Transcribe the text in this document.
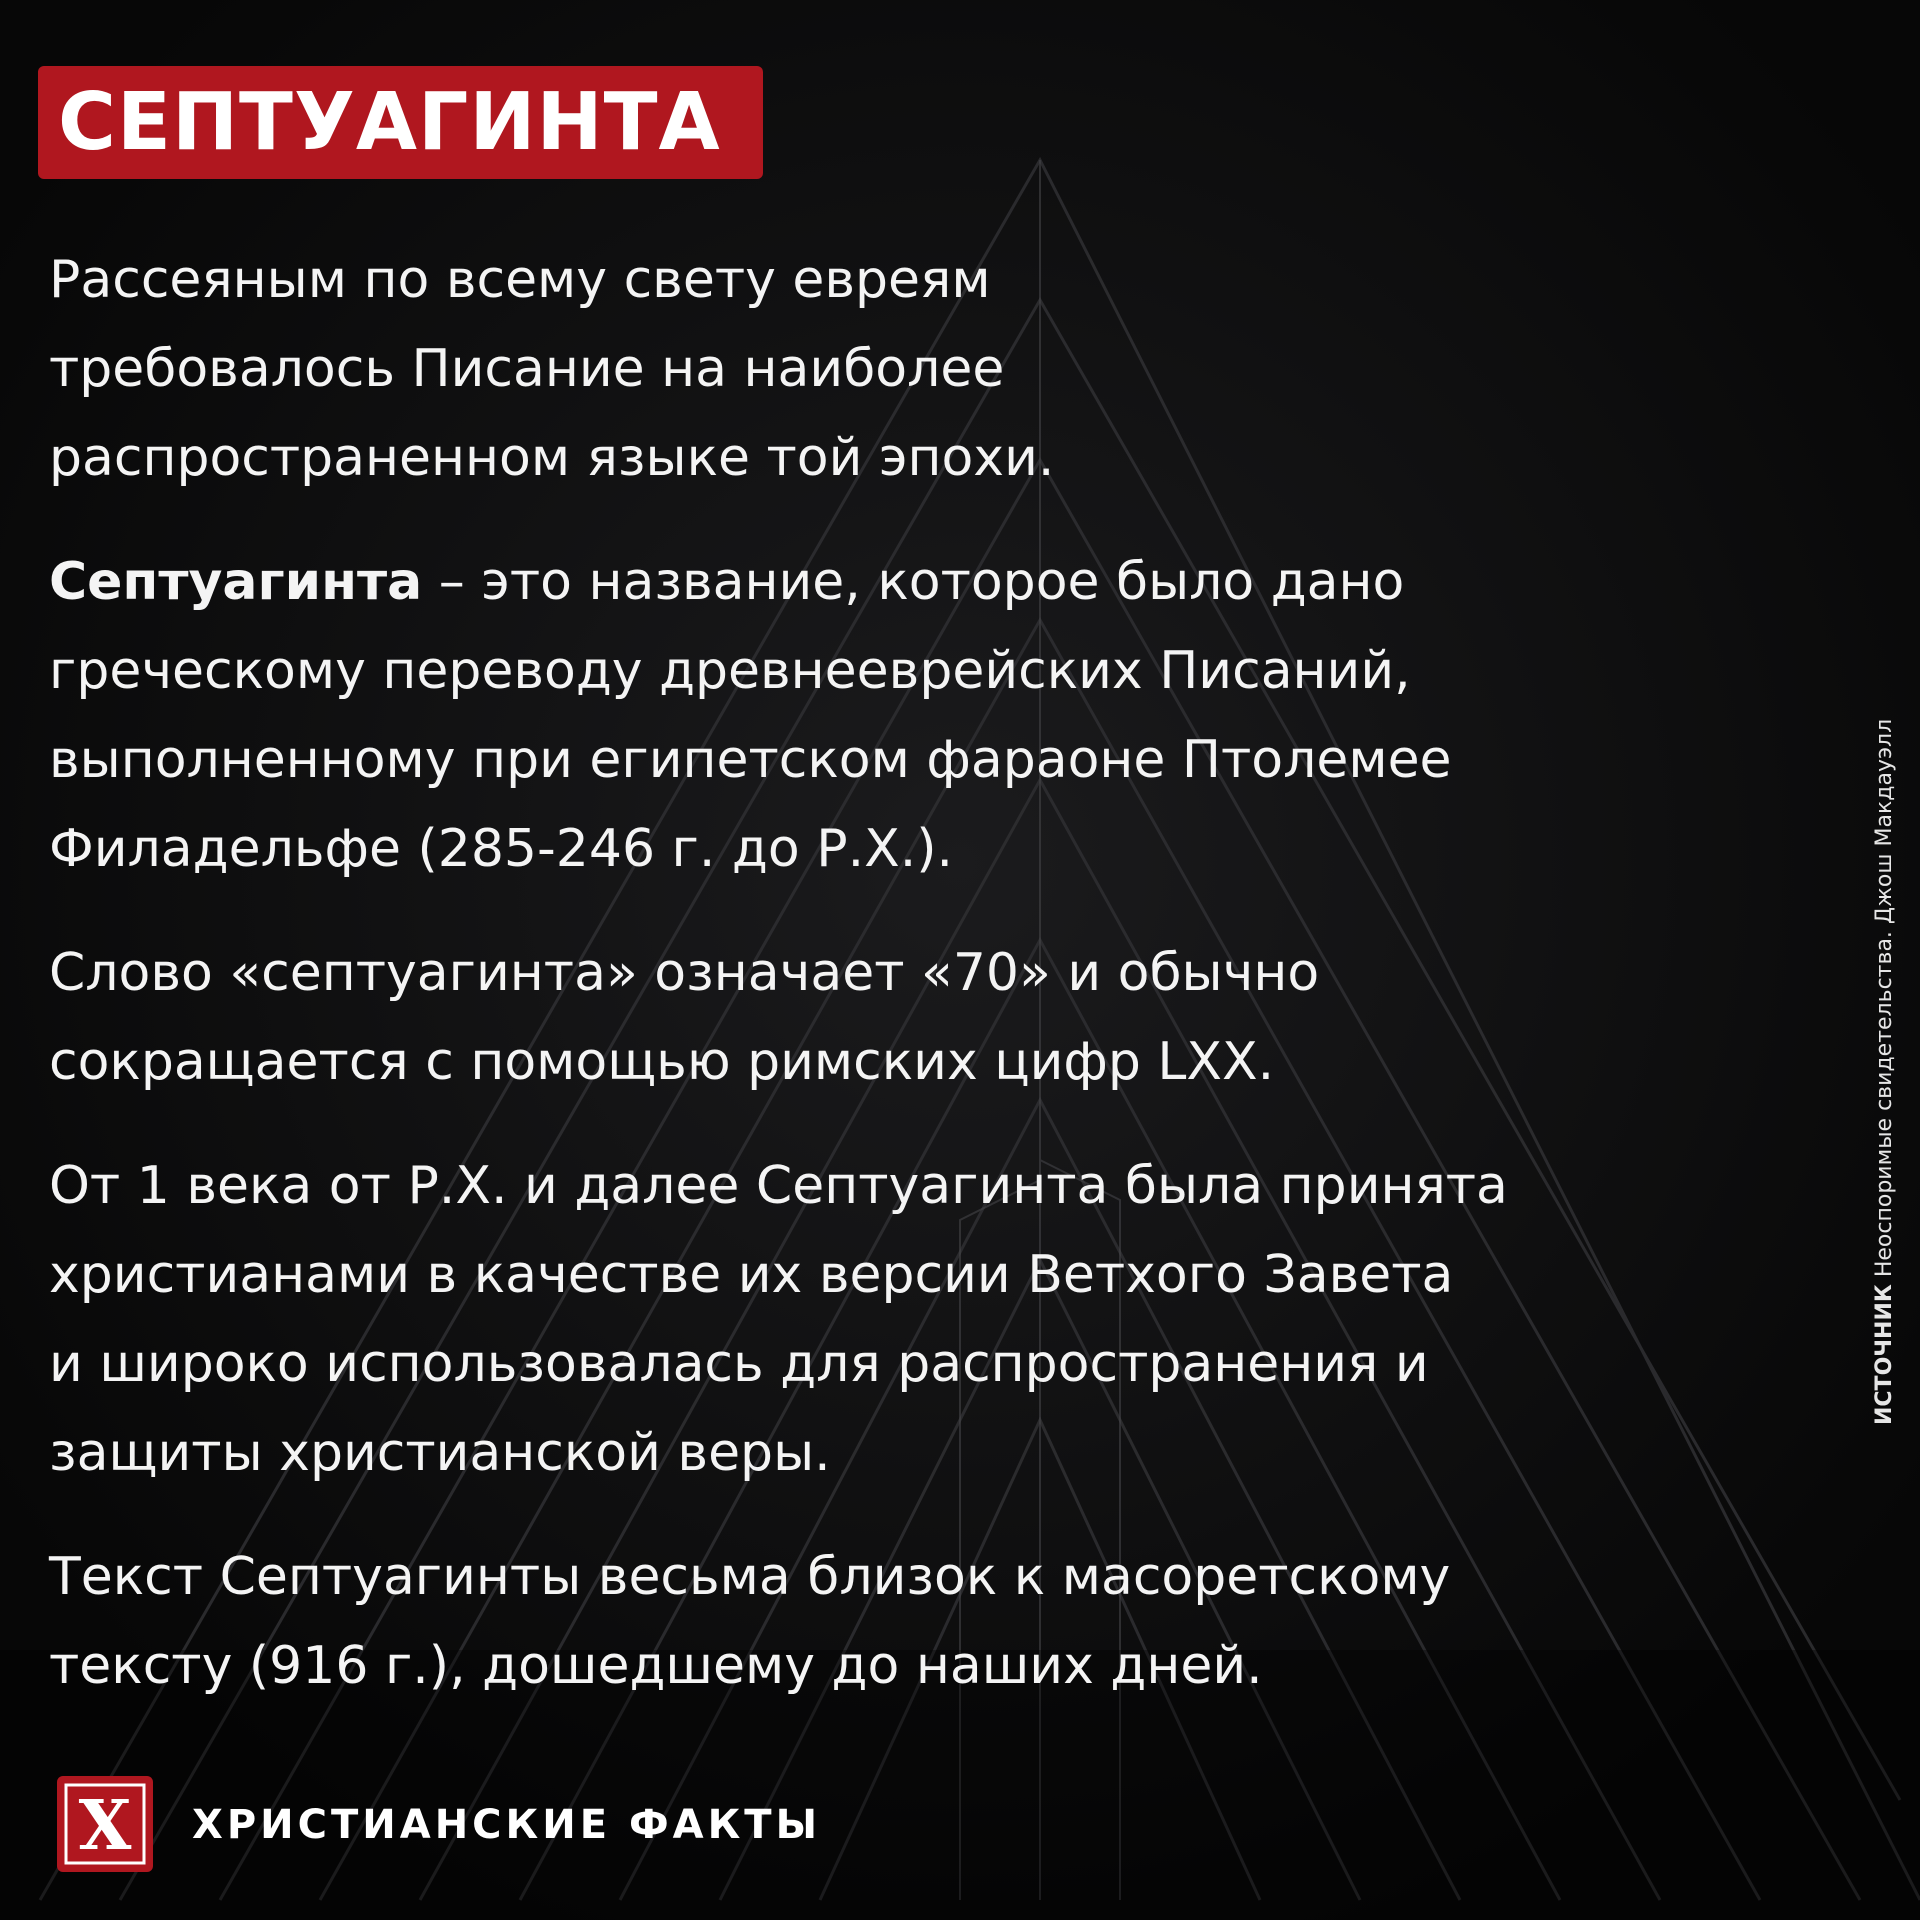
СЕПТУАГИНТА

Рассеяным по всему свету евреям
требовалось Писание на наиболее
распространенном языке той эпохи.

Септуагинта – это название, которое было дано
греческому переводу древнееврейских Писаний,
выполненному при египетском фараоне Птолемее
Филадельфе (285-246 г. до Р.Х.).

Слово «септуагинта» означает «70» и обычно
сокращается с помощью римских цифр LXX.

От 1 века от Р.Х. и далее Септуагинта была принята
христианами в качестве их версии Ветхого Завета
и широко использовалась для распространения и
защиты христианской веры.

Текст Септуагинты весьма близок к масоретскому
тексту (916 г.), дошедшему до наших дней.

ИСТОЧНИК Неоспоримые свидетельства. Джош Макдауэлл
X ХРИСТИАНСКИЕ ФАКТЫ
